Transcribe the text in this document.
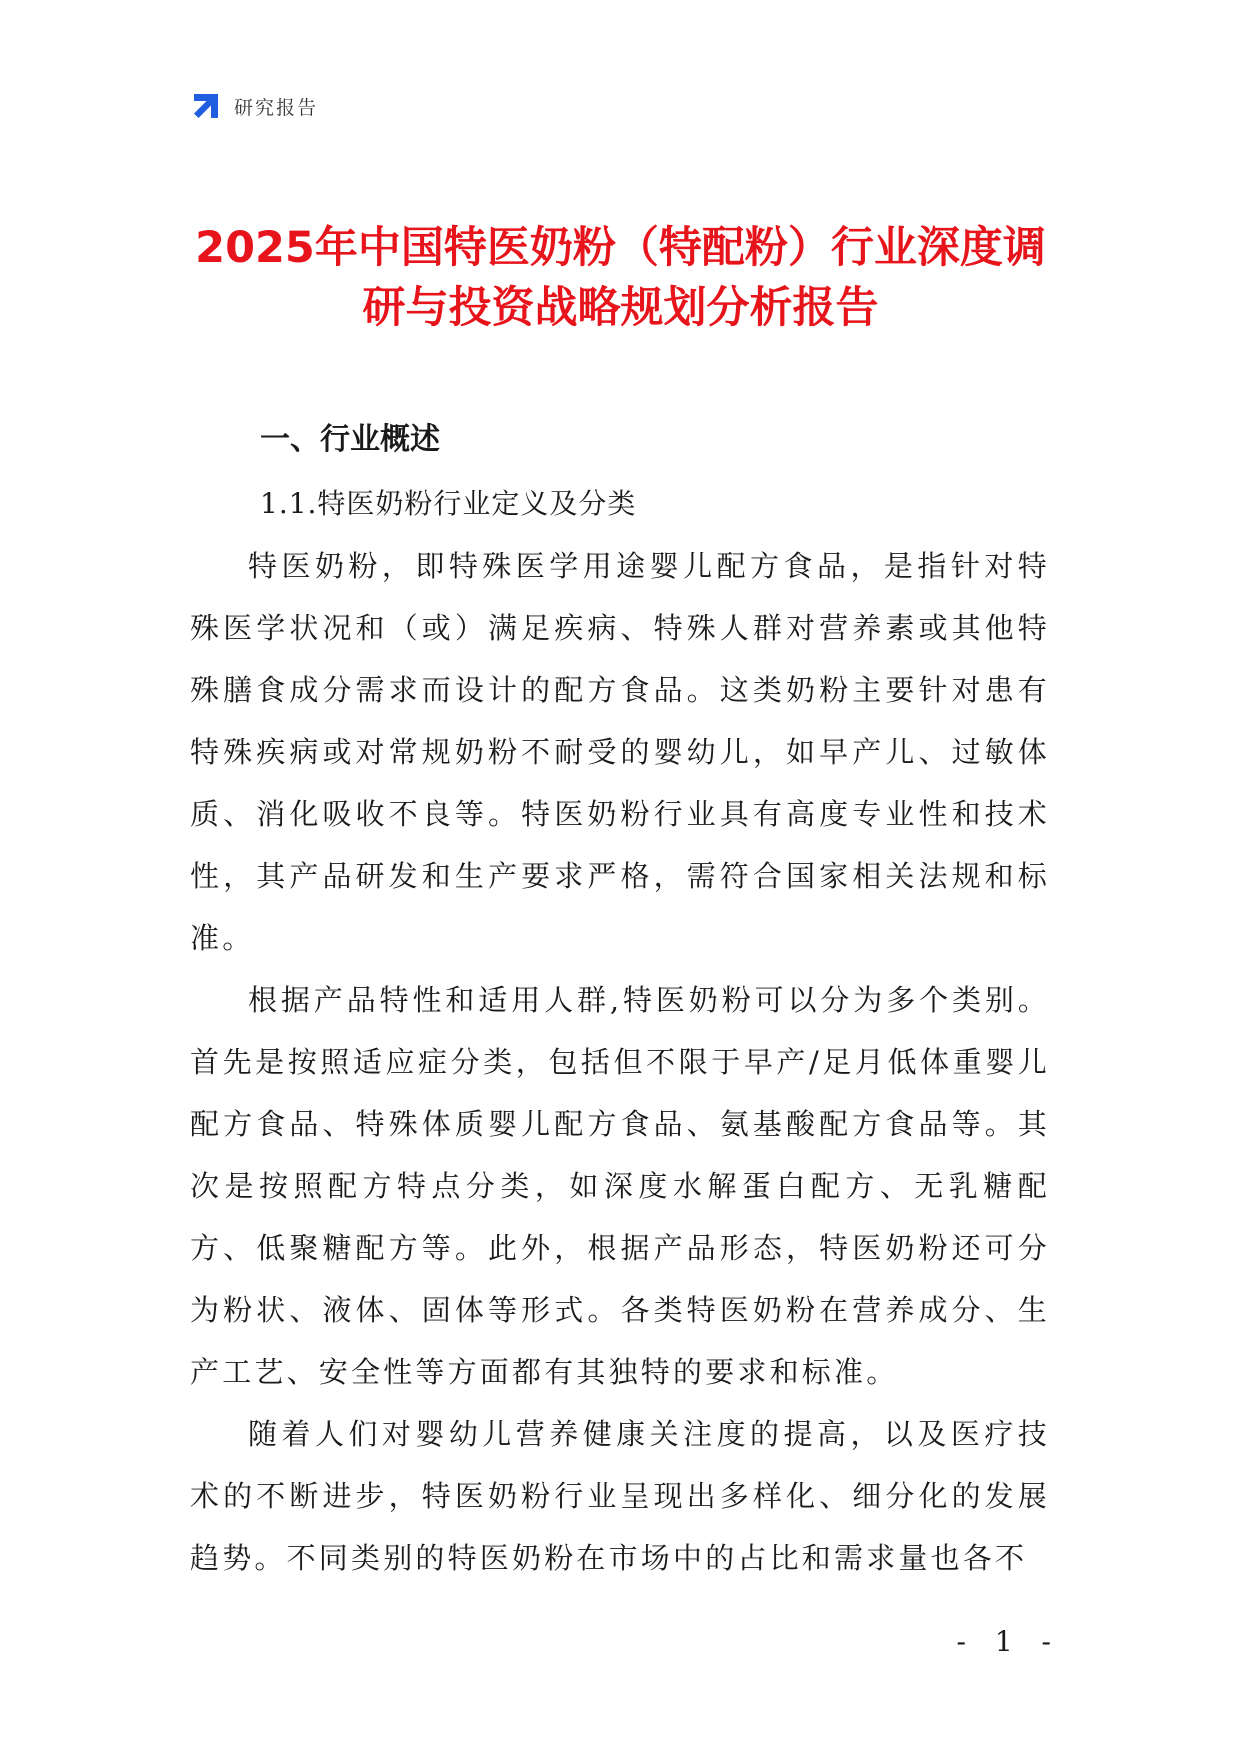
研究报告
2025年中国特医奶粉（特配粉）行业深度调
研与投资战略规划分析报告
一、行业概述
1.1.特医奶粉行业定义及分类

特医奶粉，即特殊医学用途婴儿配方食品，是指针对特殊医学状况和（或）满足疾病、特殊人群对营养素或其他特殊膳食成分需求而设计的配方食品。这类奶粉主要针对患有特殊疾病或对常规奶粉不耐受的婴幼儿，如早产儿、过敏体质、消化吸收不良等。特医奶粉行业具有高度专业性和技术性，其产品研发和生产要求严格，需符合国家相关法规和标准。

根据产品特性和适用人群,特医奶粉可以分为多个类别。首先是按照适应症分类，包括但不限于早产/足月低体重婴儿配方食品、特殊体质婴儿配方食品、氨基酸配方食品等。其次是按照配方特点分类，如深度水解蛋白配方、无乳糖配方、低聚糖配方等。此外，根据产品形态，特医奶粉还可分为粉状、液体、固体等形式。各类特医奶粉在营养成分、生产工艺、安全性等方面都有其独特的要求和标准。

随着人们对婴幼儿营养健康关注度的提高，以及医疗技术的不断进步，特医奶粉行业呈现出多样化、细分化的发展趋势。不同类别的特医奶粉在市场中的占比和需求量也各不

- 1 -
